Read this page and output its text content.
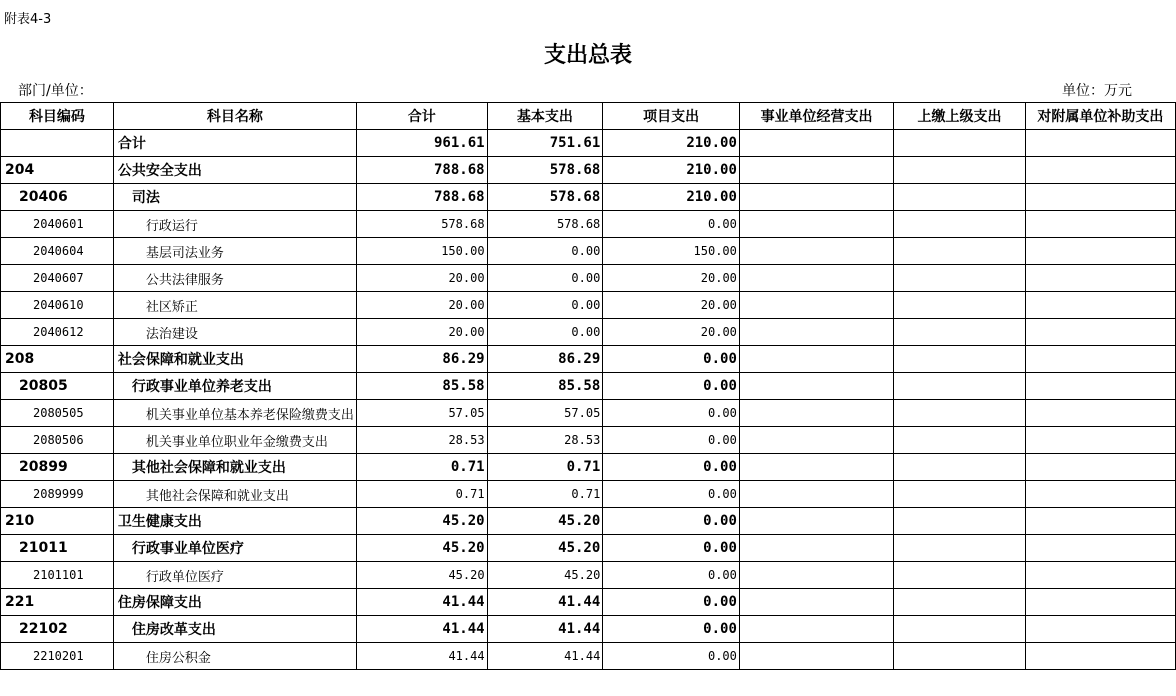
附表4-3
支出总表
部门/单位：	单位：万元
科目编码	科目名称	合计	基本支出	项目支出	事业单位经营支出	上缴上级支出	对附属单位补助支出
	合计	961.61	751.61	210.00			
204	公共安全支出	788.68	578.68	210.00			
20406	司法	788.68	578.68	210.00			
2040601	行政运行	578.68	578.68	0.00			
2040604	基层司法业务	150.00	0.00	150.00			
2040607	公共法律服务	20.00	0.00	20.00			
2040610	社区矫正	20.00	0.00	20.00			
2040612	法治建设	20.00	0.00	20.00			
208	社会保障和就业支出	86.29	86.29	0.00			
20805	行政事业单位养老支出	85.58	85.58	0.00			
2080505	机关事业单位基本养老保险缴费支出	57.05	57.05	0.00			
2080506	机关事业单位职业年金缴费支出	28.53	28.53	0.00			
20899	其他社会保障和就业支出	0.71	0.71	0.00			
2089999	其他社会保障和就业支出	0.71	0.71	0.00			
210	卫生健康支出	45.20	45.20	0.00			
21011	行政事业单位医疗	45.20	45.20	0.00			
2101101	行政单位医疗	45.20	45.20	0.00			
221	住房保障支出	41.44	41.44	0.00			
22102	住房改革支出	41.44	41.44	0.00			
2210201	住房公积金	41.44	41.44	0.00			
